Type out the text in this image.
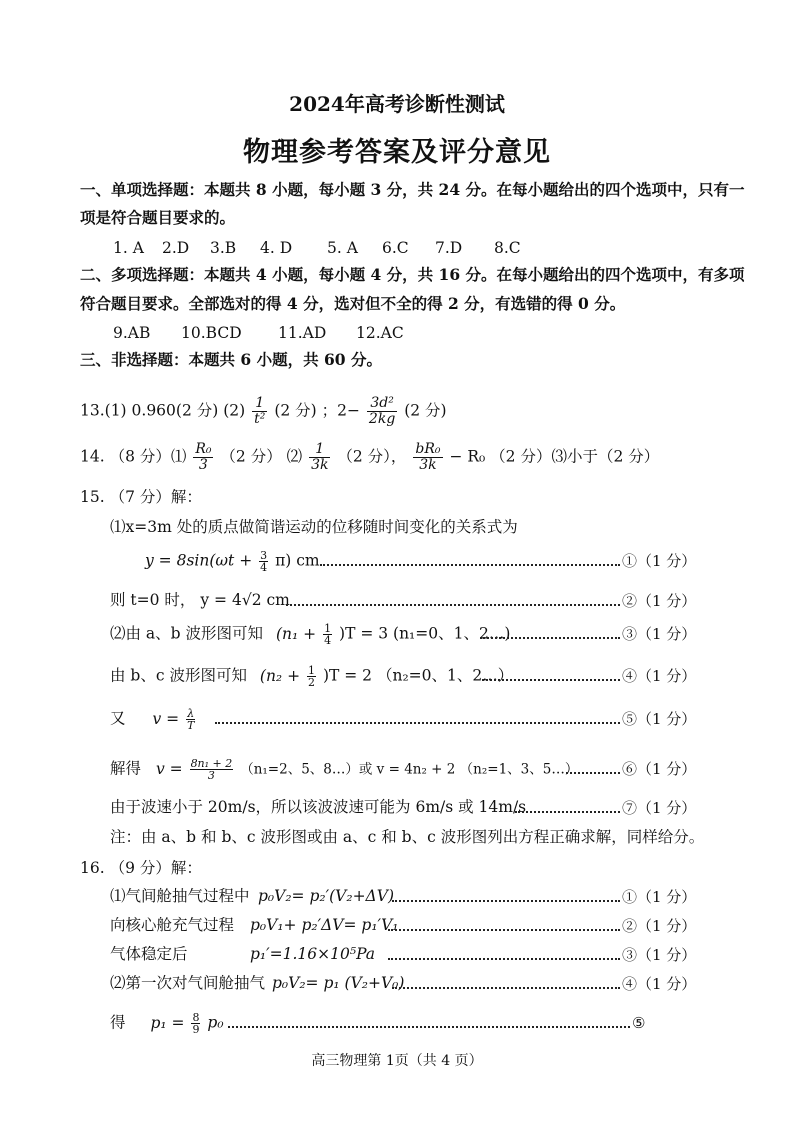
2024年高考诊断性测试
物理参考答案及评分意见
一、单项选择题：本题共 8 小题，每小题 3 分，共 24 分。在每小题给出的四个选项中，只有一
项是符合题目要求的。
1. A 2.D 3.B 4. D 5. A 6.C 7.D 8.C
二、多项选择题：本题共 4 小题，每小题 4 分，共 16 分。在每小题给出的四个选项中，有多项
符合题目要求。全部选对的得 4 分，选对但不全的得 2 分，有选错的得 0 分。
9.AB 10.BCD 11.AD 12.AC
三、非选择题：本题共 6 小题，共 60 分。
13.(1) 0.960(2 分) $(2) \frac{1}{\text{t²}} (2$ 分) ；$2- \frac{\text{3d²}}{2kg} (2$ 分)
14. （8 分）⑴ $\frac{\text{R₀}}{3} (2$ 分） ⑵ $\frac{1}{3k} (2$ 分）， $\frac{\text{bR₀}}{3k} - R_0$ （2 分）⑶小于（2 分）
15. （7 分）解：
⑴x=3m 处的质点做简谐运动的位移随时间变化的关系式为
$y = 8\sin(\omega t + \frac{3}{4} \pi)$ cm	①（1 分）
则 t=0 时， y = 4√2 cm	②（1 分）
⑵由 a、b 波形图可知 $(n_1 + \frac{1}{4} )T = 3$ (n₁=0、1、2…)	③（1 分）
由 b、c 波形图可知 $(n_2 + \frac{1}{2} )T = 2$ （n₂=0、1、2…）	④（1 分）
又 $v = \frac{\lambda}{T}$	⑤（1 分）
解得 $v = \frac{\text{8n₁ + 2}}{3} (n_1=2$、5、8…）或 v = 4n₂ + 2 （n₂=1、3、5…）	⑥（1 分）
由于波速小于 20m/s，所以该波波速可能为 6m/s 或 14m/s	⑦（1 分）
注：由 a、b 和 b、c 波形图或由 a、c 和 b、c 波形图列出方程正确求解，同样给分。
16. （9 分）解：
⑴气间舱抽气过程中 p₀V₂= p₂′(V₂+ΔV)	①（1 分）
向核心舱充气过程 p₀V₁+ p₂′ΔV= p₁′V₁	②（1 分）
气体稳定后	p₁′=1.16×10⁵Pa	③（1 分）
⑵第一次对气间舱抽气 p₀V₂= p₁ (V₂+V₀)	④（1 分）
得 $p_1 = \frac{8}{9} p_0$	⑤
高三物理第 1页（共 4 页）
